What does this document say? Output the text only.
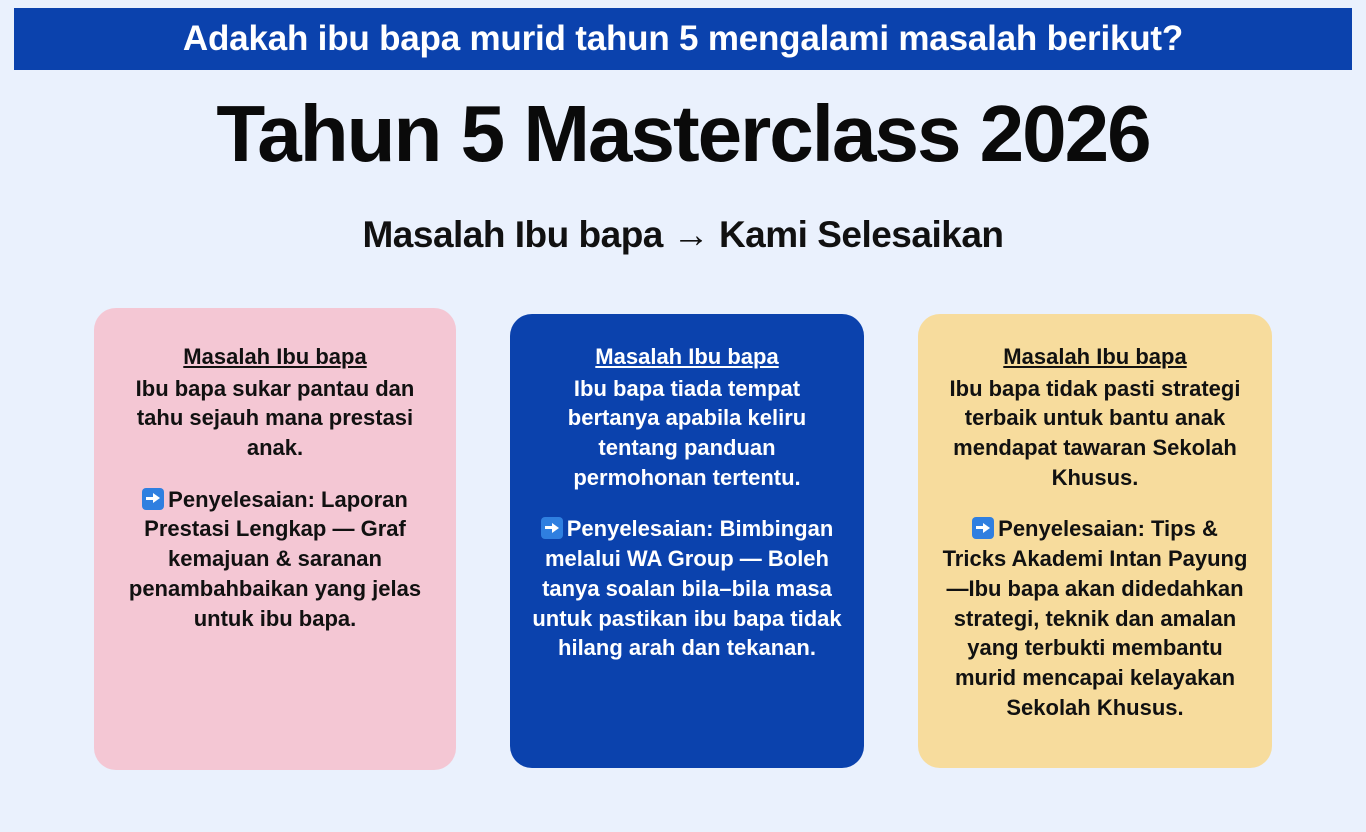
Adakah ibu bapa murid tahun 5 mengalami masalah berikut?
Tahun 5 Masterclass 2026
Masalah Ibu bapa → Kami Selesaikan
Masalah Ibu bapa
Ibu bapa sukar pantau dan tahu sejauh mana prestasi anak.
Penyelesaian: Laporan Prestasi Lengkap — Graf kemajuan & saranan penambahbaikan yang jelas untuk ibu bapa.
Masalah Ibu bapa
Ibu bapa tiada tempat bertanya apabila keliru tentang panduan permohonan tertentu.
Penyelesaian: Bimbingan melalui WA Group — Boleh tanya soalan bila–bila masa untuk pastikan ibu bapa tidak hilang arah dan tekanan.
Masalah Ibu bapa
Ibu bapa tidak pasti strategi terbaik untuk bantu anak mendapat tawaran Sekolah Khusus.
Penyelesaian: Tips & Tricks Akademi Intan Payung —Ibu bapa akan didedahkan strategi, teknik dan amalan yang terbukti membantu murid mencapai kelayakan Sekolah Khusus.
